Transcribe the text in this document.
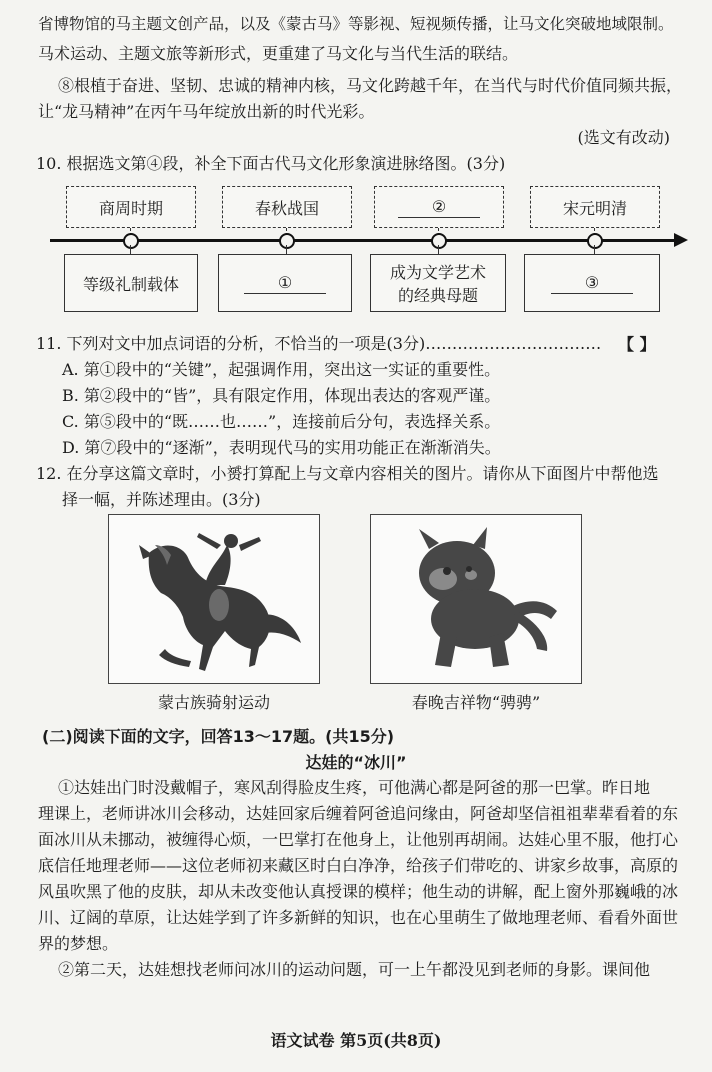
省博物馆的马主题文创产品，以及《蒙古马》等影视、短视频传播，让马文化突破地域限制。
马术运动、主题文旅等新形式，更重建了马文化与当代生活的联结。
⑧根植于奋进、坚韧、忠诚的精神内核，马文化跨越千年，在当代与时代价值同频共振，
让“龙马精神”在丙午马年绽放出新的时代光彩。
(选文有改动)
10. 根据选文第④段，补全下面古代马文化形象演进脉络图。(3分)
商周时期	春秋战国	②	宋元明清
等级礼制载体	①	成为文学艺术
的经典母题
③
11. 下列对文中加点词语的分析，不恰当的一项是(3分)…………………………… 【 】
A. 第①段中的“关键”，起强调作用，突出这一实证的重要性。
B. 第②段中的“皆”，具有限定作用，体现出表达的客观严谨。
C. 第⑤段中的“既……也……”，连接前后分句，表选择关系。
D. 第⑦段中的“逐渐”，表明现代马的实用功能正在渐渐消失。
12. 在分享这篇文章时，小赟打算配上与文章内容相关的图片。请你从下面图片中帮他选
择一幅，并陈述理由。(3分)
蒙古族骑射运动	春晚吉祥物“骋骋”
(二)阅读下面的文字，回答13～17题。(共15分)
达娃的“冰川”
①达娃出门时没戴帽子，寒风刮得脸皮生疼，可他满心都是阿爸的那一巴掌。昨日地
理课上，老师讲冰川会移动，达娃回家后缠着阿爸追问缘由，阿爸却坚信祖祖辈辈看着的东
面冰川从未挪动，被缠得心烦，一巴掌打在他身上，让他别再胡闹。达娃心里不服，他打心
底信任地理老师——这位老师初来藏区时白白净净，给孩子们带吃的、讲家乡故事，高原的
风虽吹黑了他的皮肤，却从未改变他认真授课的模样；他生动的讲解，配上窗外那巍峨的冰
川、辽阔的草原，让达娃学到了许多新鲜的知识，也在心里萌生了做地理老师、看看外面世
界的梦想。
②第二天，达娃想找老师问冰川的运动问题，可一上午都没见到老师的身影。课间他
语文试卷 第5页(共8页)
